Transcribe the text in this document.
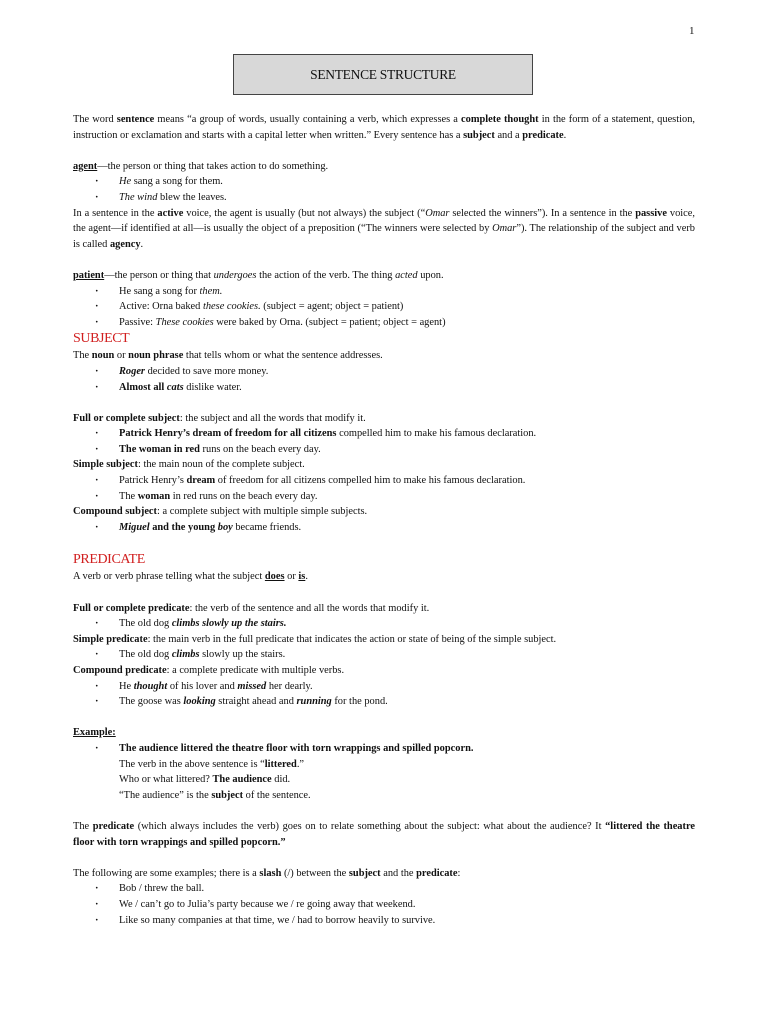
1
SENTENCE STRUCTURE

The word sentence means “a group of words, usually containing a verb, which expresses a complete thought in the form of a statement, question, instruction or exclamation and starts with a capital letter when written.” Every sentence has a subject and a predicate.

agent—the person or thing that takes action to do something.

· He sang a song for them.

· The wind blew the leaves.

In a sentence in the active voice, the agent is usually (but not always) the subject (“Omar selected the winners”). In a sentence in the passive voice, the agent—if identified at all—is usually the object of a preposition (“The winners were selected by Omar”). The relationship of the subject and verb is called agency.

patient—the person or thing that undergoes the action of the verb. The thing acted upon.

· He sang a song for them.

· Active: Orna baked these cookies. (subject = agent; object = patient)

· Passive: These cookies were baked by Orna. (subject = patient; object = agent)

SUBJECT

The noun or noun phrase that tells whom or what the sentence addresses.

· Roger decided to save more money.

· Almost all cats dislike water.

Full or complete subject: the subject and all the words that modify it.

· Patrick Henry’s dream of freedom for all citizens compelled him to make his famous declaration.

· The woman in red runs on the beach every day.

Simple subject: the main noun of the complete subject.

· Patrick Henry’s dream of freedom for all citizens compelled him to make his famous declaration.

· The woman in red runs on the beach every day.

Compound subject: a complete subject with multiple simple subjects.

· Miguel and the young boy became friends.

PREDICATE

A verb or verb phrase telling what the subject does or is.

Full or complete predicate: the verb of the sentence and all the words that modify it.

· The old dog climbs slowly up the stairs.

Simple predicate: the main verb in the full predicate that indicates the action or state of being of the simple subject.

· The old dog climbs slowly up the stairs.

Compound predicate: a complete predicate with multiple verbs.

· He thought of his lover and missed her dearly.

· The goose was looking straight ahead and running for the pond.

Example:

· The audience littered the theatre floor with torn wrappings and spilled popcorn.

The verb in the above sentence is “littered.”

Who or what littered? The audience did.

“The audience” is the subject of the sentence.

The predicate (which always includes the verb) goes on to relate something about the subject: what about the audience? It “littered the theatre floor with torn wrappings and spilled popcorn.”

The following are some examples; there is a slash (/) between the subject and the predicate:

· Bob / threw the ball.

· We / can’t go to Julia’s party because we / re going away that weekend.

· Like so many companies at that time, we / had to borrow heavily to survive.
